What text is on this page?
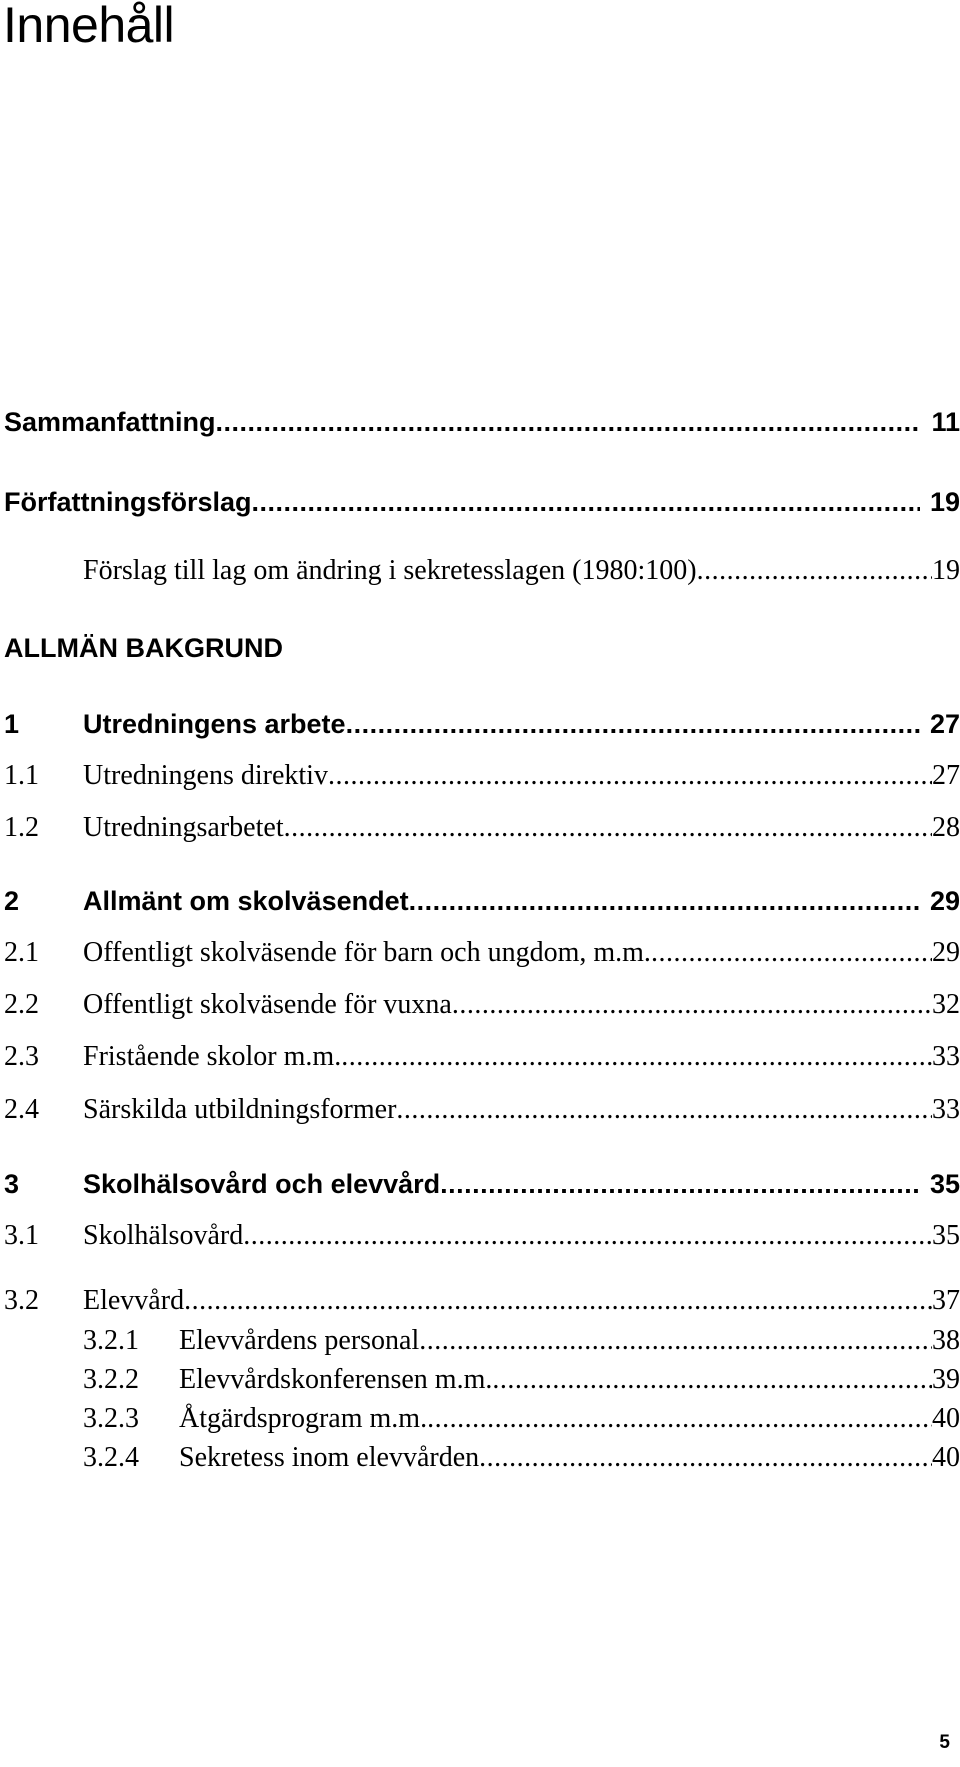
Innehåll
Sammanfattning .....	11
Författningsförslag .....	19
Förslag till lag om ändring i sekretesslagen (1980:100) .....	19
ALLMÄN BAKGRUND
1	Utredningens arbete .....	27
1.1	Utredningens direktiv .....	27
1.2	Utredningsarbetet .....	28
2	Allmänt om skolväsendet .....	29
2.1	Offentligt skolväsende för barn och ungdom, m.m. .....	29
2.2	Offentligt skolväsende för vuxna .....	32
2.3	Fristående skolor m.m. .....	33
2.4	Särskilda utbildningsformer .....	33
3	Skolhälsovård och elevvård .....	35
3.1	Skolhälsovård .....	35
3.2	Elevvård .....	37
3.2.1	Elevvårdens personal .....	38
3.2.2	Elevvårdskonferensen m.m. .....	39
3.2.3	Åtgärdsprogram m.m. .....	40
3.2.4	Sekretess inom elevvården .....	40
5
